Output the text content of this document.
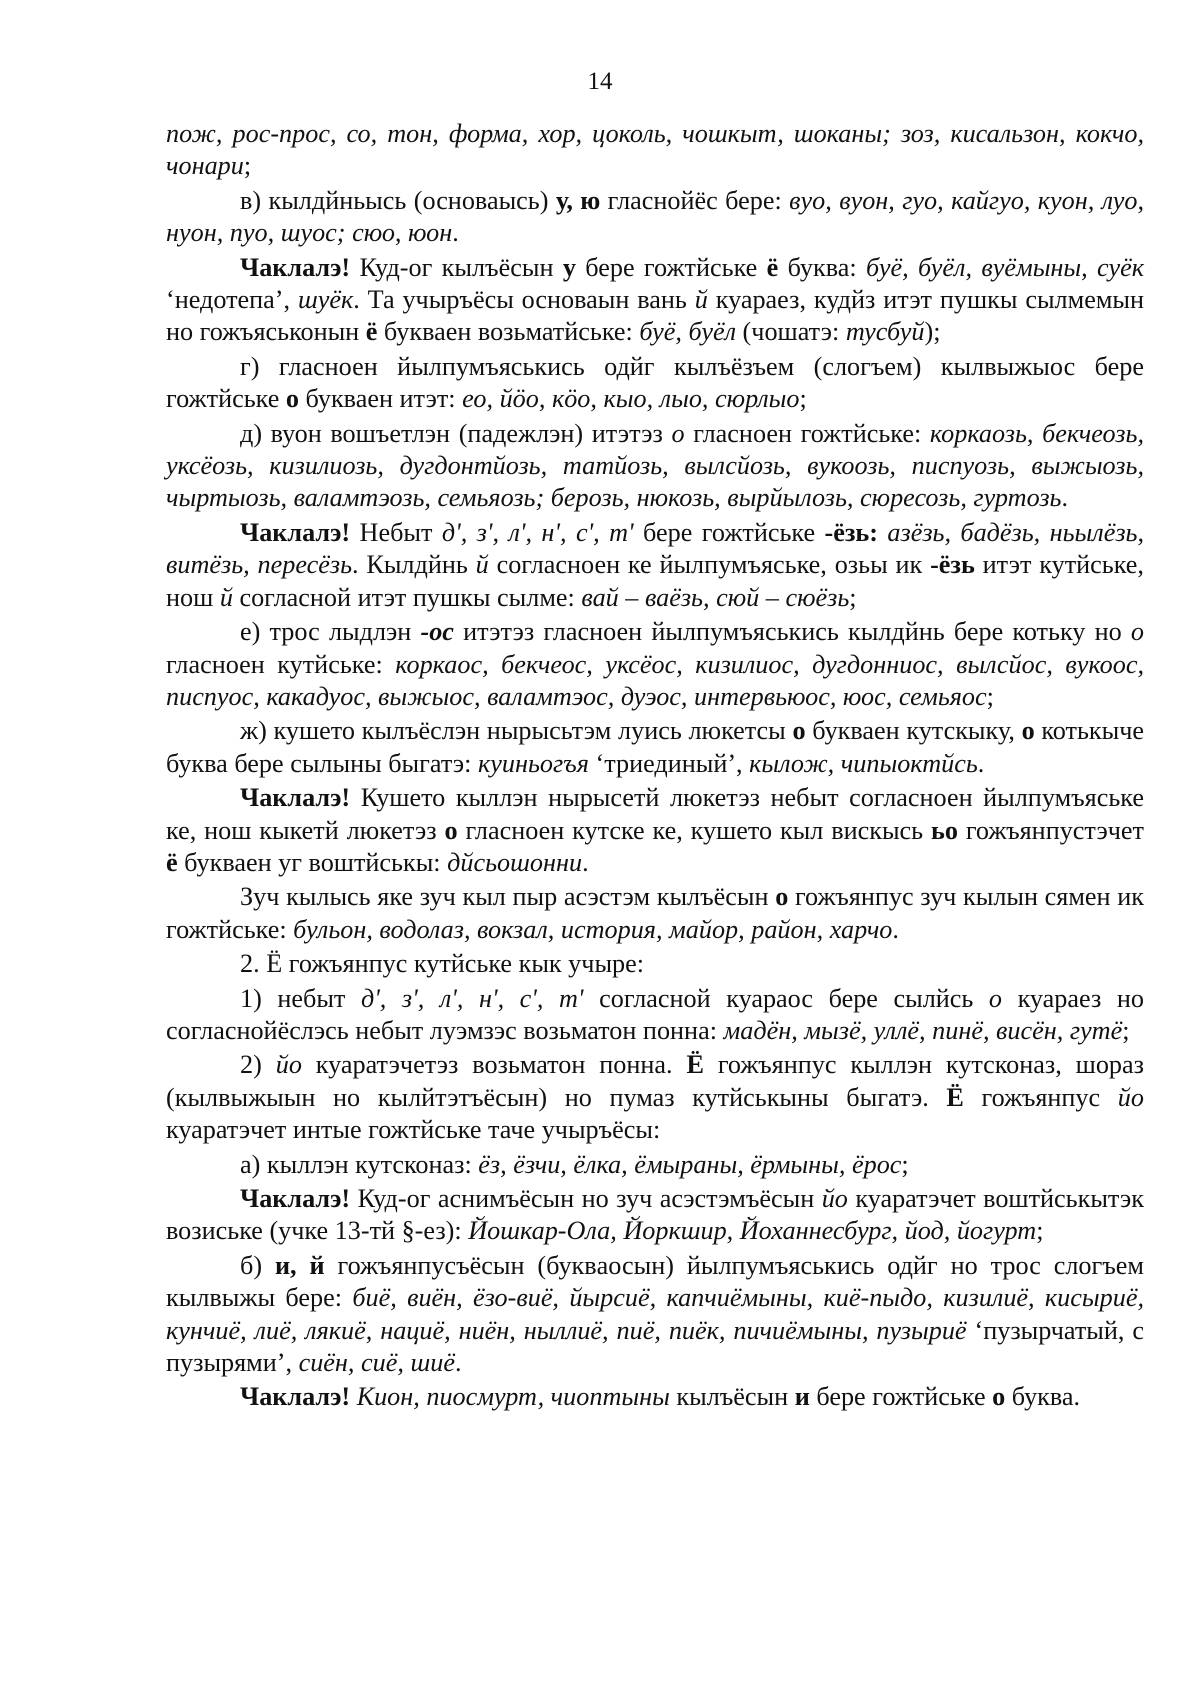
14

пож, рос-прос, со, тон, форма, хор, цоколь, чошкыт, шоканы; зоз, кисальзон, кокчо, чонари;

в) кылдйньысь (основаысь) у, ю гласнойёс бере: вуо, вуон, гуо, кайгуо, куон, луо, нуон, пуо, шуос; сюо, юон.

Чаклалэ! Куд-ог кылъёсын у бере гожтйське ё буква: буё, буёл, вуёмыны, суёк ‘недотепа’, шуёк. Та учыръёсы основаын вань й куараез, кудйз итэт пушкы сылмемын но гожъяськонын ё букваен возьматйське: буё, буёл (чошатэ: тусбуй);

г) гласноен йылпумъяськись одйг кылъёзъем (слогъем) кылвыжыос бере гожтйське о букваен итэт: ео, йöо, кöо, кыо, лыо, сюрлыо;

д) вуон вошъетлэн (падежлэн) итэтэз о гласноен гожтйське: коркаозь, бекчеозь, уксёозь, кизилиозь, дугдонтйозь, татйозь, вылсйозь, вукоозь, писпуозь, выжыозь, чыртыозь, валамтэозь, семьяозь; берозь, нюкозь, вырйылозь, сюресозь, гуртозь.

Чаклалэ! Небыт д', з', л', н', с', т' бере гожтйське -ёзь: азёзь, бадёзь, ньылёзь, витёзь, пересёзь. Кылдйнь й согласноен ке йылпумъяське, озьы ик -ёзь итэт кутйське, нош й согласной итэт пушкы сылме: вай – ваёзь, сюй – сюёзь;

е) трос лыдлэн -ос итэтэз гласноен йылпумъяськись кылдйнь бере котьку но о гласноен кутйське: коркаос, бекчеос, уксёос, кизилиос, дугдонниос, вылсйос, вукоос, писпуос, какадуос, выжыос, валамтэос, дуэос, интервьюос, юос, семьяос;

ж) кушето кылъёслэн нырысьтэм луись люкетсы о букваен кутскыку, о котькыче буква бере сылыны быгатэ: куиньогъя ‘триединый’, кылож, чипыоктйсь.

Чаклалэ! Кушето кыллэн нырысетй люкетэз небыт согласноен йылпумъяське ке, нош кыкетй люкетэз о гласноен кутске ке, кушето кыл вискысь ьо гожъянпустэчет ё букваен уг воштйськы: дйсьошонни.

Зуч кылысь яке зуч кыл пыр асэстэм кылъёсын о гожъянпус зуч кылын сямен ик гожтйське: бульон, водолаз, вокзал, история, майор, район, харчо.

2. Ё гожъянпус кутйське кык учыре:

1) небыт д', з', л', н', с', т' согласной куараос бере сылйсь о куараез но согласнойёслэсь небыт луэмзэс возьматон понна: мадён, мызё, уллё, пинё, висён, гутё;

2) йо куаратэчетэз возьматон понна. Ё гожъянпус кыллэн кутсконаз, шораз (кылвыжыын но кылйтэтъёсын) но пумаз кутйськыны быгатэ. Ё гожъянпус йо куаратэчет интые гожтйське таче учыръёсы:

а) кыллэн кутсконаз: ёз, ёзчи, ёлка, ёмыраны, ёрмыны, ёрос;

Чаклалэ! Куд-ог аснимъёсын но зуч асэстэмъёсын йо куаратэчет воштйськытэк возиське (учке 13-тй §-ез): Йошкар-Ола, Йоркшир, Йоханнесбург, йод, йогурт;

б) и, й гожъянпусъёсын (буквaосын) йылпумъяськись одйг но трос слогъем кылвыжы бере: биё, виён, ёзо-виё, йырсиё, капчиёмыны, киё-пыдо, кизилиё, кисыриё, кунчиё, лиё, лякиё, нациё, ниён, ныллиё, пиё, пиёк, пичиёмыны, пузыриё ‘пузырчатый, с пузырями’, сиён, сиё, шиё.

Чаклалэ! Кион, пиосмурт, чиоптыны кылъёсын и бере гожтйське о буква.
